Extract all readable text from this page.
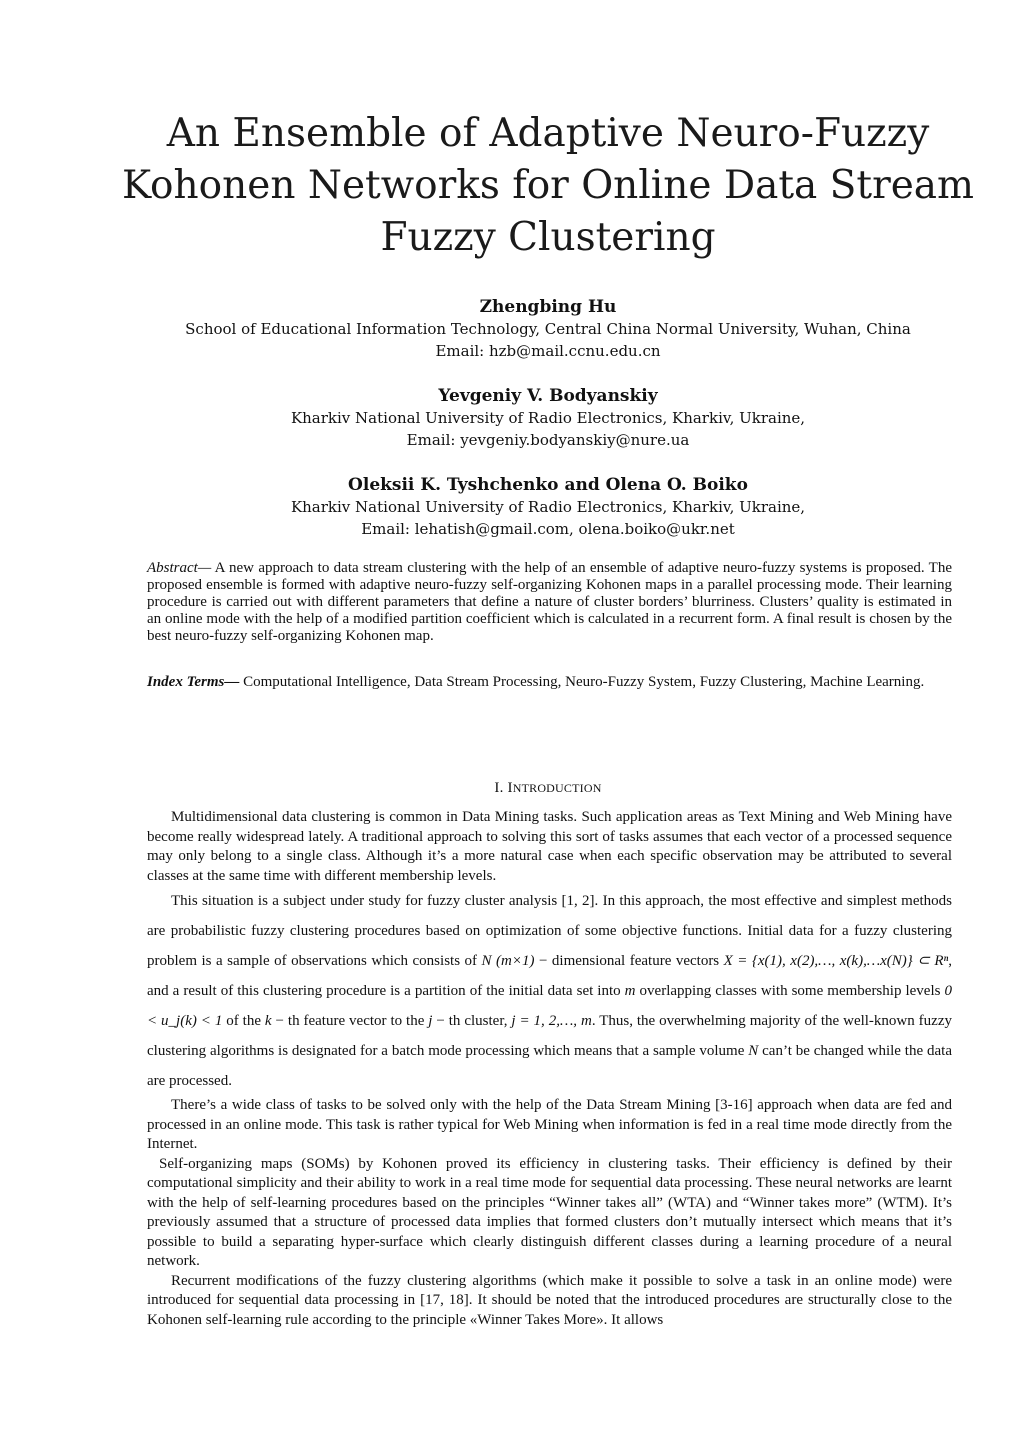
An Ensemble of Adaptive Neuro-Fuzzy
Kohonen Networks for Online Data Stream
Fuzzy Clustering
Zhengbing Hu
School of Educational Information Technology, Central China Normal University, Wuhan, China
Email: hzb@mail.ccnu.edu.cn
Yevgeniy V. Bodyanskiy
Kharkiv National University of Radio Electronics, Kharkiv, Ukraine,
Email: yevgeniy.bodyanskiy@nure.ua
Oleksii K. Tyshchenko and Olena O. Boiko
Kharkiv National University of Radio Electronics, Kharkiv, Ukraine,
Email: lehatish@gmail.com, olena.boiko@ukr.net
Abstract— A new approach to data stream clustering with the help of an ensemble of adaptive neuro-fuzzy systems is proposed. The proposed ensemble is formed with adaptive neuro-fuzzy self-organizing Kohonen maps in a parallel processing mode. Their learning procedure is carried out with different parameters that define a nature of cluster borders’ blurriness. Clusters’ quality is estimated in an online mode with the help of a modified partition coefficient which is calculated in a recurrent form. A final result is chosen by the best neuro-fuzzy self-organizing Kohonen map.
Index Terms— Computational Intelligence, Data Stream Processing, Neuro-Fuzzy System, Fuzzy Clustering, Machine Learning.
I. INTRODUCTION

Multidimensional data clustering is common in Data Mining tasks. Such application areas as Text Mining and Web Mining have become really widespread lately. A traditional approach to solving this sort of tasks assumes that each vector of a processed sequence may only belong to a single class. Although it’s a more natural case when each specific observation may be attributed to several classes at the same time with different membership levels.

This situation is a subject under study for fuzzy cluster analysis [1, 2]. In this approach, the most effective and simplest methods are probabilistic fuzzy clustering procedures based on optimization of some objective functions. Initial data for a fuzzy clustering problem is a sample of observations which consists of N (m×1) − dimensional feature vectors X = {x(1), x(2),…, x(k),…x(N)} ⊂ Rⁿ, and a result of this clustering procedure is a partition of the initial data set into m overlapping classes with some membership levels 0 < u_j(k) < 1 of the k − th feature vector to the j − th cluster, j = 1, 2,…, m. Thus, the overwhelming majority of the well-known fuzzy clustering algorithms is designated for a batch mode processing which means that a sample volume N can’t be changed while the data are processed.

There’s a wide class of tasks to be solved only with the help of the Data Stream Mining [3-16] approach when data are fed and processed in an online mode. This task is rather typical for Web Mining when information is fed in a real time mode directly from the Internet.

Self-organizing maps (SOMs) by Kohonen proved its efficiency in clustering tasks. Their efficiency is defined by their computational simplicity and their ability to work in a real time mode for sequential data processing. These neural networks are learnt with the help of self-learning procedures based on the principles “Winner takes all” (WTA) and “Winner takes more” (WTM). It’s previously assumed that a structure of processed data implies that formed clusters don’t mutually intersect which means that it’s possible to build a separating hyper-surface which clearly distinguish different classes during a learning procedure of a neural network.

Recurrent modifications of the fuzzy clustering algorithms (which make it possible to solve a task in an online mode) were introduced for sequential data processing in [17, 18]. It should be noted that the introduced procedures are structurally close to the Kohonen self-learning rule according to the principle «Winner Takes More». It allows
